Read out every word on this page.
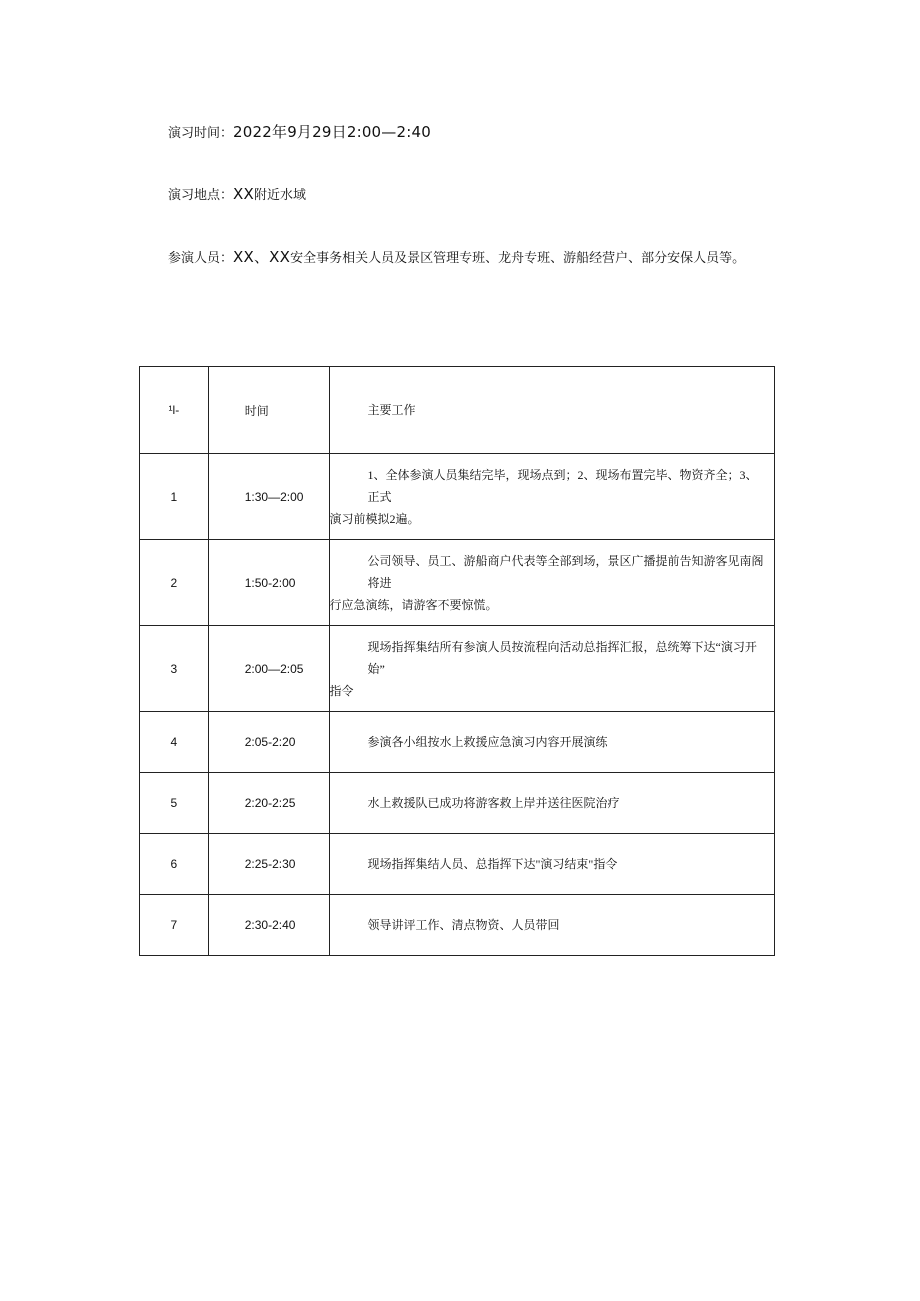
演习时间：2022年9月29日2:00—2:40
演习地点：XX附近水域
参演人员：XX、XX安全事务相关人员及景区管理专班、龙舟专班、游船经营户、部分安保人员等。
¹l-	时间	主要工作

1	1:30—2:00	1、全体参演人员集结完毕，现场点到；2、现场布置完毕、物资齐全；3、正式
演习前模拟2遍。

2	1:50-2:00	公司领导、员工、游船商户代表等全部到场，景区广播提前告知游客见南阁将进
行应急演练，请游客不要惊慌。

3	2:00—2:05	现场指挥集结所有参演人员按流程向活动总指挥汇报，总统筹下达“演习开始”
指令

4	2:05-2:20	参演各小组按水上救援应急演习内容开展演练

5	2:20-2:25	水上救援队已成功将游客救上岸并送往医院治疗

6	2:25-2:30	现场指挥集结人员、总指挥下达"演习结束"指令

7	2:30-2:40	领导讲评工作、清点物资、人员带回
